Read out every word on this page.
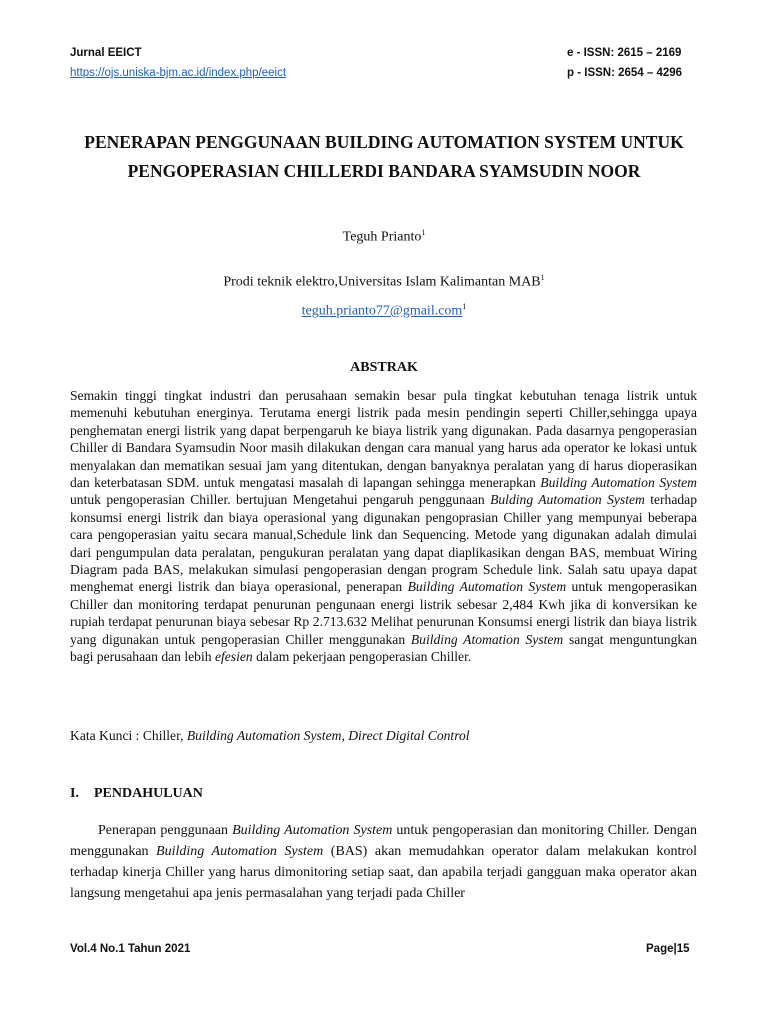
Jurnal EEICT
https://ojs.uniska-bjm.ac.id/index.php/eeict
e - ISSN: 2615 – 2169
p - ISSN: 2654 – 4296
PENERAPAN PENGGUNAAN BUILDING AUTOMATION SYSTEM UNTUK
PENGOPERASIAN CHILLERDI BANDARA SYAMSUDIN NOOR
Teguh Prianto$^1$
Prodi teknik elektro,Universitas Islam Kalimantan MAB$^1$
teguh.prianto77@gmail.com$^1$
ABSTRAK
Semakin tinggi tingkat industri dan perusahaan semakin besar pula tingkat kebutuhan tenaga listrik untuk memenuhi kebutuhan energinya. Terutama energi listrik pada mesin pendingin seperti Chiller,sehingga upaya penghematan energi listrik yang dapat berpengaruh ke biaya listrik yang digunakan. Pada dasarnya pengoperasian Chiller di Bandara Syamsudin Noor masih dilakukan dengan cara manual yang harus ada operator ke lokasi untuk menyalakan dan mematikan sesuai jam yang ditentukan, dengan banyaknya peralatan yang di harus dioperasikan dan keterbatasan SDM. untuk mengatasi masalah di lapangan sehingga menerapkan Building Automation System untuk pengoperasian Chiller. bertujuan Mengetahui pengaruh penggunaan Bulding Automation System terhadap konsumsi energi listrik dan biaya operasional yang digunakan pengoprasian Chiller yang mempunyai beberapa cara pengoperasian yaitu secara manual,Schedule link dan Sequencing. Metode yang digunakan adalah dimulai dari pengumpulan data peralatan, pengukuran peralatan yang dapat diaplikasikan dengan BAS, membuat Wiring Diagram pada BAS, melakukan simulasi pengoperasian dengan program Schedule link. Salah satu upaya dapat menghemat energi listrik dan biaya operasional, penerapan Building Automation System untuk mengoperasikan Chiller dan monitoring terdapat penurunan pengunaan energi listrik sebesar 2,484 Kwh jika di konversikan ke rupiah terdapat penurunan biaya sebesar Rp 2.713.632 Melihat penurunan Konsumsi energi listrik dan biaya listrik yang digunakan untuk pengoperasian Chiller menggunakan Building Atomation System sangat menguntungkan bagi perusahaan dan lebih efesien dalam pekerjaan pengoperasian Chiller.
Kata Kunci : Chiller, Building Automation System, Direct Digital Control
I. PENDAHULUAN
Penerapan penggunaan Building Automation System untuk pengoperasian dan monitoring Chiller. Dengan menggunakan Building Automation System (BAS) akan memudahkan operator dalam melakukan kontrol terhadap kinerja Chiller yang harus dimonitoring setiap saat, dan apabila terjadi gangguan maka operator akan langsung mengetahui apa jenis permasalahan yang terjadi pada Chiller
Vol.4 No.1 Tahun 2021	Page|15
